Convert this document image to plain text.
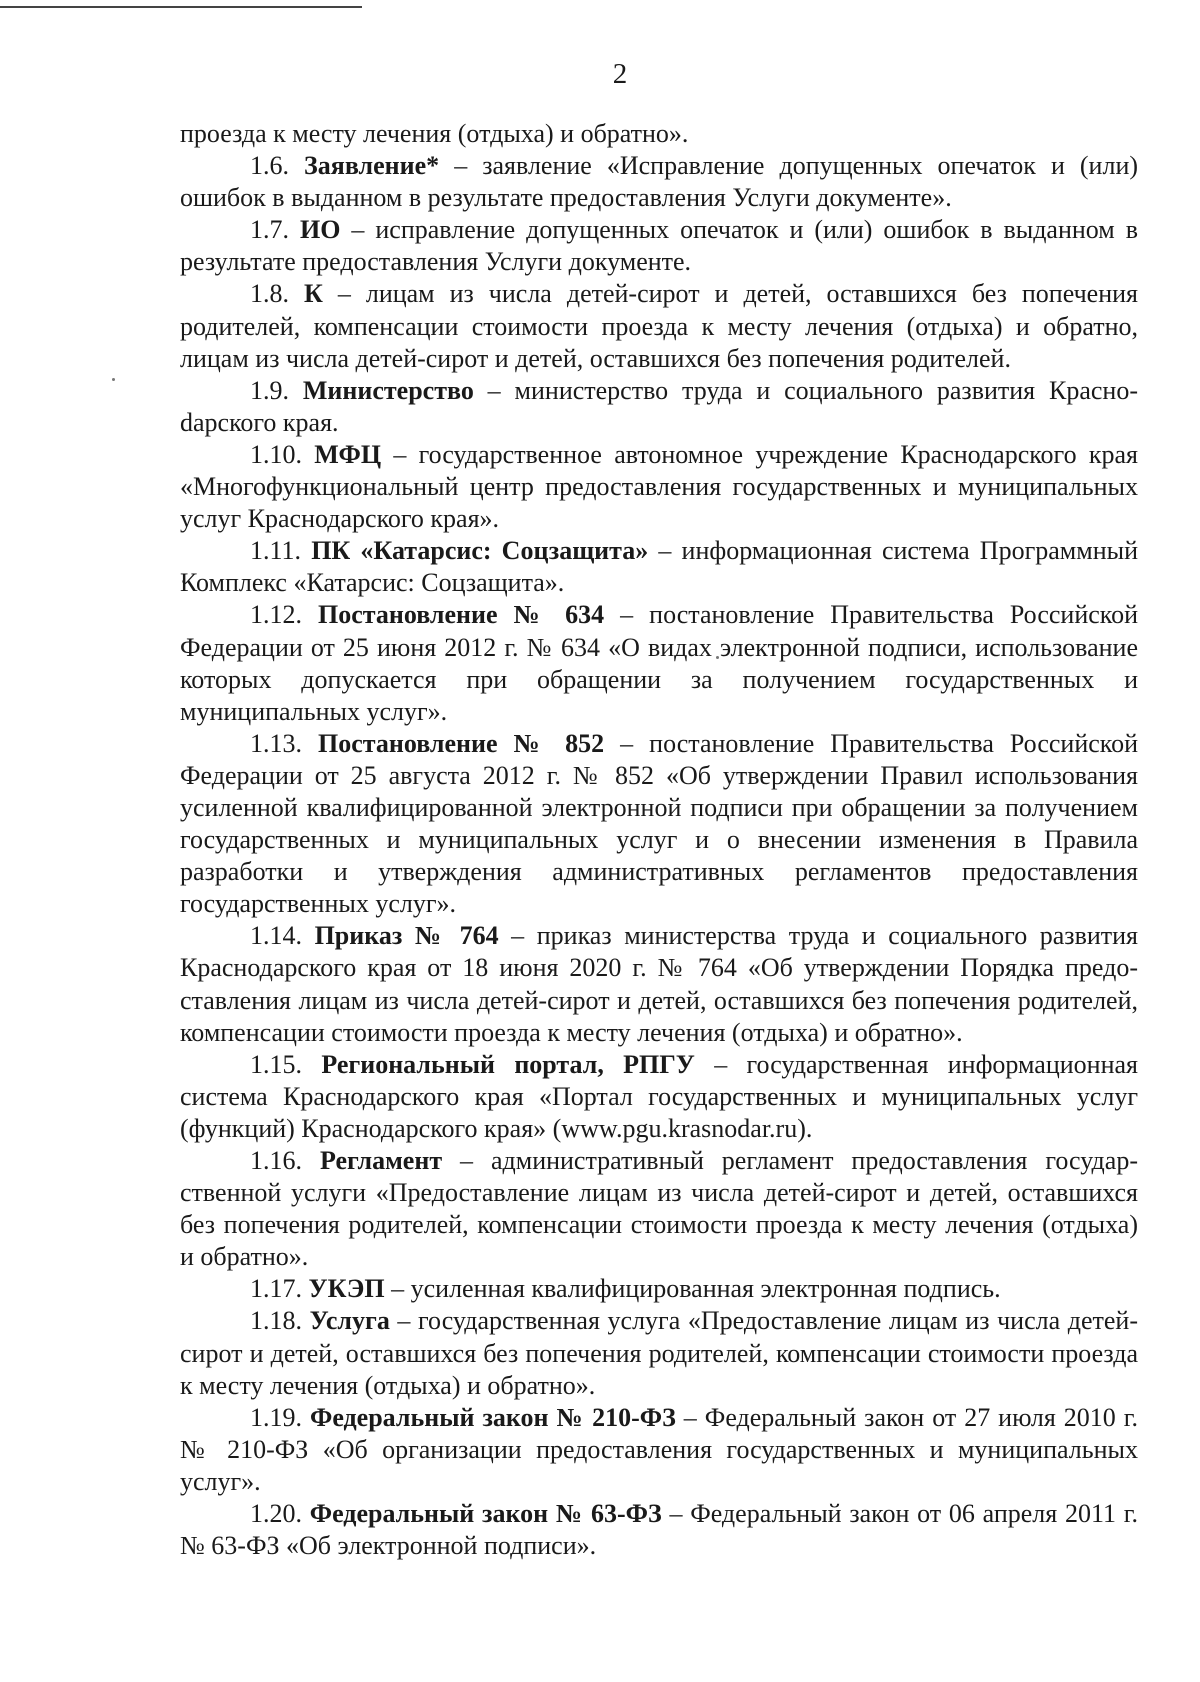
2

проезда к месту лечения (отдыха) и обратно».

1.6. Заявление* – заявление «Исправление допущенных опечаток и (или) ошибок в выданном в результате предоставления Услуги документе».

1.7. ИО – исправление допущенных опечаток и (или) ошибок в выданном в результате предоставления Услуги документе.

1.8. К – лицам из числа детей-сирот и детей, оставшихся без попечения родителей, компенсации стоимости проезда к месту лечения (отдыха) и обратно, лицам из числа детей-сирот и детей, оставшихся без попечения родителей.

1.9. Министерство – министерство труда и социального развития Красноdарского края.

1.10. МФЦ – государственное автономное учреждение Краснодарского края «Многофункциональный центр предоставления государственных и муниципальных услуг Краснодарского края».

1.11. ПК «Катарсис: Соцзащита» – информационная система Программный Комплекс «Катарсис: Соцзащита».

1.12. Постановление № 634 – постановление Правительства Российской Федерации от 25 июня 2012 г. № 634 «О видах электронной подписи, использование которых допускается при обращении за получением государственных и муниципальных услуг».

1.13. Постановление № 852 – постановление Правительства Российской Федерации от 25 августа 2012 г. № 852 «Об утверждении Правил использования усиленной квалифицированной электронной подписи при обращении за получением государственных и муниципальных услуг и о внесении изменения в Правила разработки и утверждения административных регламентов предоставления государственных услуг».

1.14. Приказ № 764 – приказ министерства труда и социального развития Краснодарского края от 18 июня 2020 г. № 764 «Об утверждении Порядка предоставления лицам из числа детей-сирот и детей, оставшихся без попечения родителей, компенсации стоимости проезда к месту лечения (отдыха) и обратно».

1.15. Региональный портал, РПГУ – государственная информационная система Краснодарского края «Портал государственных и муниципальных услуг (функций) Краснодарского края» (www.pgu.krasnodar.ru).

1.16. Регламент – административный регламент предоставления государственной услуги «Предоставление лицам из числа детей-сирот и детей, оставшихся без попечения родителей, компенсации стоимости проезда к месту лечения (отдыха) и обратно».

1.17. УКЭП – усиленная квалифицированная электронная подпись.

1.18. Услуга – государственная услуга «Предоставление лицам из числа детей-сирот и детей, оставшихся без попечения родителей, компенсации стоимости проезда к месту лечения (отдыха) и обратно».

1.19. Федеральный закон № 210-ФЗ – Федеральный закон от 27 июля 2010 г. № 210-ФЗ «Об организации предоставления государственных и муниципальных услуг».

1.20. Федеральный закон № 63-ФЗ – Федеральный закон от 06 апреля 2011 г. № 63-ФЗ «Об электронной подписи».
